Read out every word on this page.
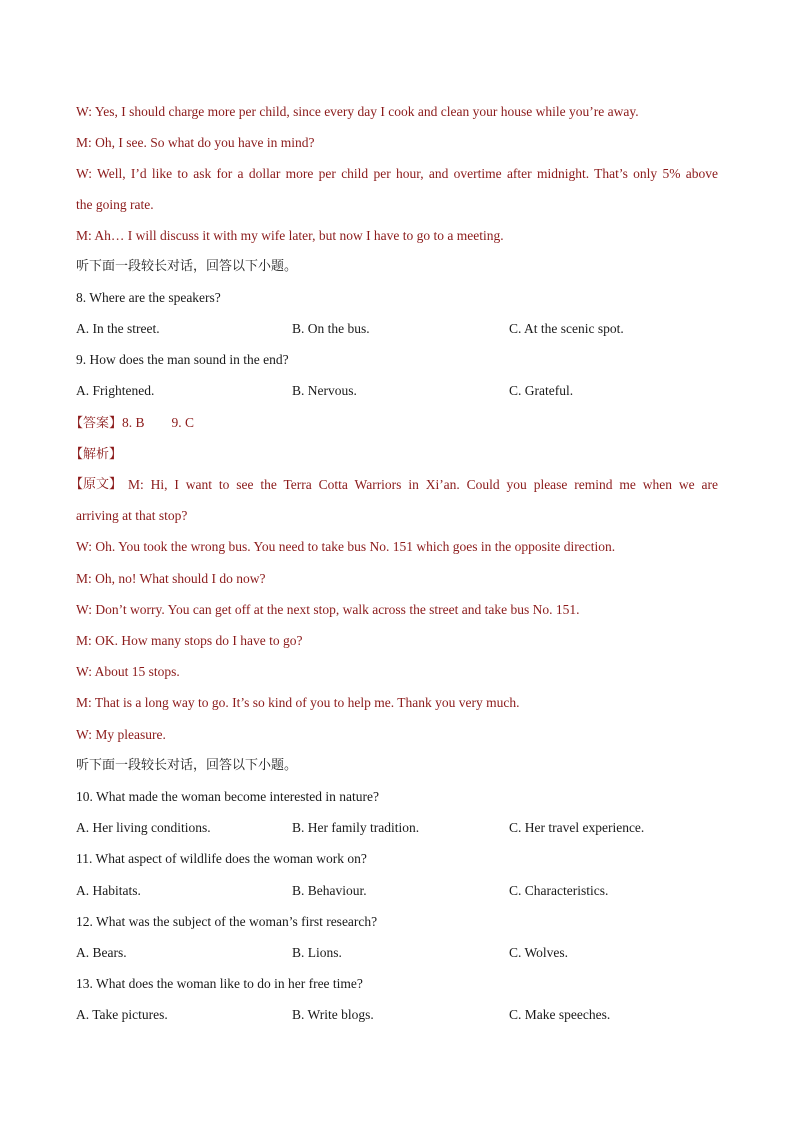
W: Yes, I should charge more per child, since every day I cook and clean your house while you’re away.
M: Oh, I see. So what do you have in mind?
W: Well, I’d like to ask for a dollar more per child per hour, and overtime after midnight. That’s only 5% above
the going rate.
M: Ah… I will discuss it with my wife later, but now I have to go to a meeting.
听下面一段较长对话，回答以下小题。
8. Where are the speakers?
A. In the street.	B. On the bus.	C. At the scenic spot.
9. How does the man sound in the end?
A. Frightened.	B. Nervous.	C. Grateful.
【答案】8. B        9. C
【解析】
【原文】 M: Hi, I want to see the Terra Cotta Warriors in Xi’an. Could you please remind me when we are
arriving at that stop?
W: Oh. You took the wrong bus. You need to take bus No. 151 which goes in the opposite direction.
M: Oh, no! What should I do now?
W: Don’t worry. You can get off at the next stop, walk across the street and take bus No. 151.
M: OK. How many stops do I have to go?
W: About 15 stops.
M: That is a long way to go. It’s so kind of you to help me. Thank you very much.
W: My pleasure.
听下面一段较长对话，回答以下小题。
10. What made the woman become interested in nature?
A. Her living conditions.	B. Her family tradition.	C. Her travel experience.
11. What aspect of wildlife does the woman work on?
A. Habitats.	B. Behaviour.	C. Characteristics.
12. What was the subject of the woman’s first research?
A. Bears.	B. Lions.	C. Wolves.
13. What does the woman like to do in her free time?
A. Take pictures.	B. Write blogs.	C. Make speeches.
